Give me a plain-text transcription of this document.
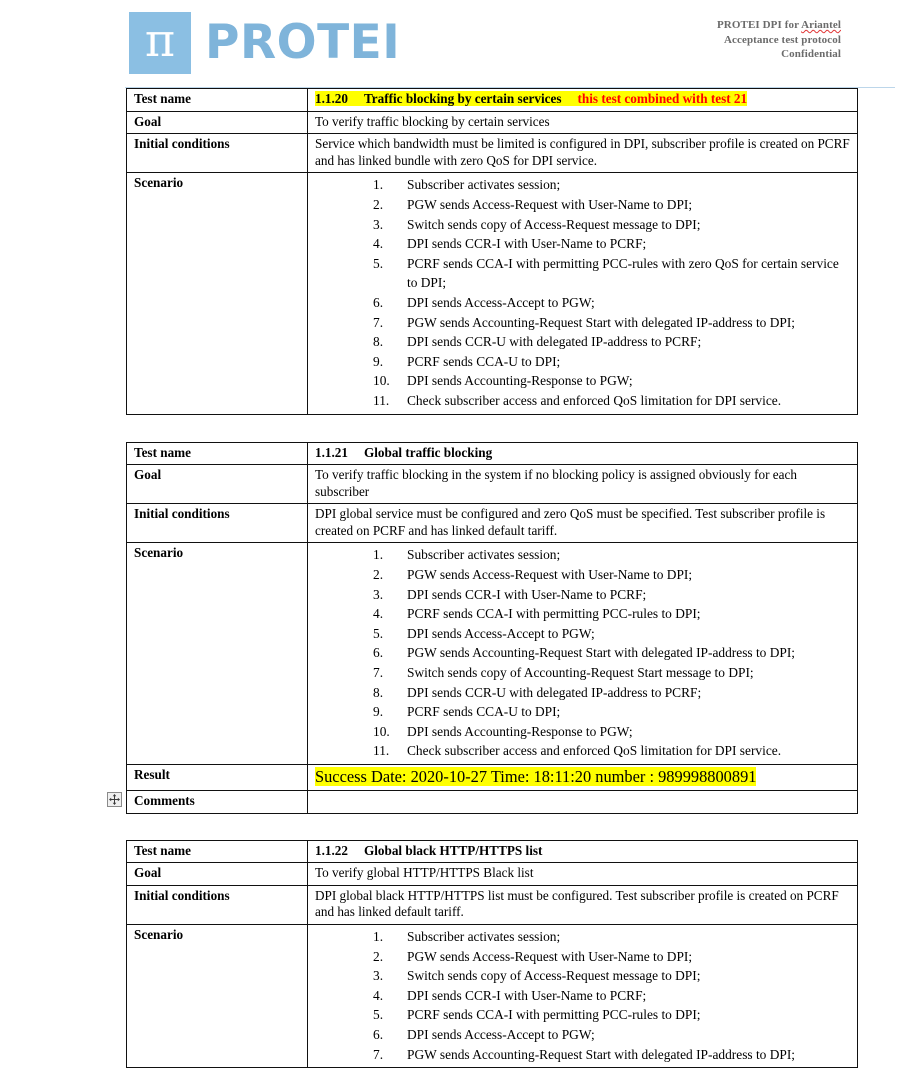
π PROTEI	PROTEI DPI for Ariantel
Acceptance test protocol
Confidential
Test name	1.1.20 Traffic blocking by certain services this test combined with test 21
Goal	To verify traffic blocking by certain services
Initial conditions	Service which bandwidth must be limited is configured in DPI, subscriber profile is created on PCRF and has linked bundle with zero QoS for DPI service.
Scenario	Subscriber activates session;
PGW sends Access-Request with User-Name to DPI;
Switch sends copy of Access-Request message to DPI;
DPI sends CCR-I with User-Name to PCRF;
PCRF sends CCA-I with permitting PCC-rules with zero QoS for certain service to DPI;
DPI sends Access-Accept to PGW;
PGW sends Accounting-Request Start with delegated IP-address to DPI;
DPI sends CCR-U with delegated IP-address to PCRF;
PCRF sends CCA-U to DPI;
DPI sends Accounting-Response to PGW;
Check subscriber access and enforced QoS limitation for DPI service.
Test name	1.1.21 Global traffic blocking
Goal	To verify traffic blocking in the system if no blocking policy is assigned obviously for each subscriber
Initial conditions	DPI global service must be configured and zero QoS must be specified. Test subscriber profile is created on PCRF and has linked default tariff.
Scenario	Subscriber activates session;
PGW sends Access-Request with User-Name to DPI;
DPI sends CCR-I with User-Name to PCRF;
PCRF sends CCA-I with permitting PCC-rules to DPI;
DPI sends Access-Accept to PGW;
PGW sends Accounting-Request Start with delegated IP-address to DPI;
Switch sends copy of Accounting-Request Start message to DPI;
DPI sends CCR-U with delegated IP-address to PCRF;
PCRF sends CCA-U to DPI;
DPI sends Accounting-Response to PGW;
Check subscriber access and enforced QoS limitation for DPI service.

Result	Success Date: 2020-10-27 Time: 18:11:20 number : 989998800891
Comments	
Test name	1.1.22 Global black HTTP/HTTPS list
Goal	To verify global HTTP/HTTPS Black list
Initial conditions	DPI global black HTTP/HTTPS list must be configured. Test subscriber profile is created on PCRF and has linked default tariff.
Scenario	Subscriber activates session;
PGW sends Access-Request with User-Name to DPI;
Switch sends copy of Access-Request message to DPI;
DPI sends CCR-I with User-Name to PCRF;
PCRF sends CCA-I with permitting PCC-rules to DPI;
DPI sends Access-Accept to PGW;
PGW sends Accounting-Request Start with delegated IP-address to DPI;
